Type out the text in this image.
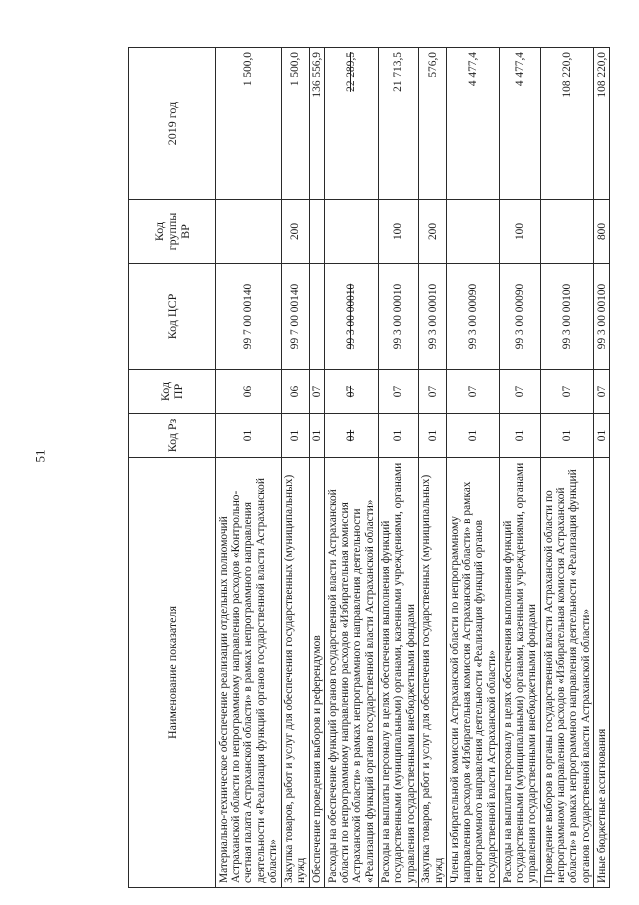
51
Наименование показателя	Код Рз	Код ПР	Код ЦСР	Код группы ВР	2019 год
Материально-техническое обеспечение реализации отдельных полномочий Астраханской области по непрограммному направлению расходов «Контрольно-счетная палата Астраханской области» в рамках непрограммного направления деятельности «Реализация функций органов государственной власти Астраханской области»	01	06	99 7 00 00140		1 500,0
Закупка товаров, работ и услуг для обеспечения государственных (муниципальных) нужд	01	06	99 7 00 00140	200	1 500,0
Обеспечение проведения выборов и референдумов	01	07			136 556,9
Расходы на обеспечение функций органов государственной власти Астраханской области по непрограммному направлению расходов «Избирательная комиссия Астраханской области» в рамках непрограммного направления деятельности «Реализация функций органов государственной власти Астраханской области»	01	07	99 3 00 00010		22 289,5
Расходы на выплаты персоналу в целях обеспечения выполнения функций государственными (муниципальными) органами, казенными учреждениями, органами управления государственными внебюджетными фондами	01	07	99 3 00 00010	100	21 713,5
Закупка товаров, работ и услуг для обеспечения государственных (муниципальных) нужд	01	07	99 3 00 00010	200	576,0
Члены избирательной комиссии Астраханской области по непрограммному направлению расходов «Избирательная комиссия Астраханской области» в рамках непрограммного направления деятельности «Реализация функций органов государственной власти Астраханской области»	01	07	99 3 00 00090		4 477,4
Расходы на выплаты персоналу в целях обеспечения выполнения функций государственными (муниципальными) органами, казенными учреждениями, органами управления государственными внебюджетными фондами	01	07	99 3 00 00090	100	4 477,4
Проведение выборов в органы государственной власти Астраханской области по непрограммному направлению расходов «Избирательная комиссия Астраханской области» в рамках непрограммного направления деятельности «Реализация функций органов государственной власти Астраханской области»	01	07	99 3 00 00100		108 220,0
Иные бюджетные ассигнования	01	07	99 3 00 00100	800	108 220,0
